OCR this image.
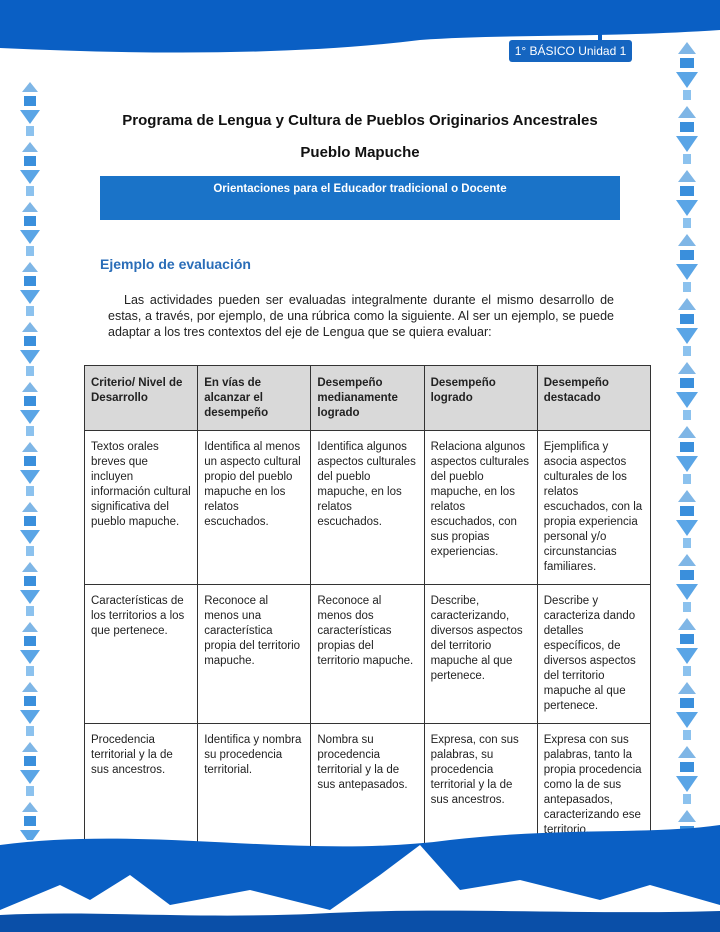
1° BÁSICO Unidad 1
Programa de Lengua y Cultura de Pueblos Originarios Ancestrales
Pueblo Mapuche
Orientaciones para el Educador tradicional o Docente
Ejemplo de evaluación
Las actividades pueden ser evaluadas integralmente durante el mismo desarrollo de estas, a través, por ejemplo, de una rúbrica como la siguiente. Al ser un ejemplo, se puede adaptar a los tres contextos del eje de Lengua que se quiera evaluar:
Criterio/ Nivel de Desarrollo	En vías de alcanzar el desempeño	Desempeño medianamente logrado	Desempeño logrado	Desempeño destacado
Textos orales breves que incluyen información cultural significativa del pueblo mapuche.	Identifica al menos un aspecto cultural propio del pueblo mapuche en los relatos escuchados.	Identifica algunos aspectos culturales del pueblo mapuche, en los relatos escuchados.	Relaciona algunos aspectos culturales del pueblo mapuche, en los relatos escuchados, con sus propias experiencias.	Ejemplifica y asocia aspectos culturales de los relatos escuchados, con la propia experiencia personal y/o circunstancias familiares.
Características de los territorios a los que pertenece.	Reconoce al menos una característica propia del territorio mapuche.	Reconoce al menos dos características propias del territorio mapuche.	Describe, caracterizando, diversos aspectos del territorio mapuche al que pertenece.	Describe y caracteriza dando detalles específicos, de diversos aspectos del territorio mapuche al que pertenece.
Procedencia territorial y la de sus ancestros.	Identifica y nombra su procedencia territorial.	Nombra su procedencia territorial y la de sus antepasados.	Expresa, con sus palabras, su procedencia territorial y la de sus ancestros.	Expresa con sus palabras, tanto la propia procedencia como la de sus antepasados, caracterizando ese territorio.
